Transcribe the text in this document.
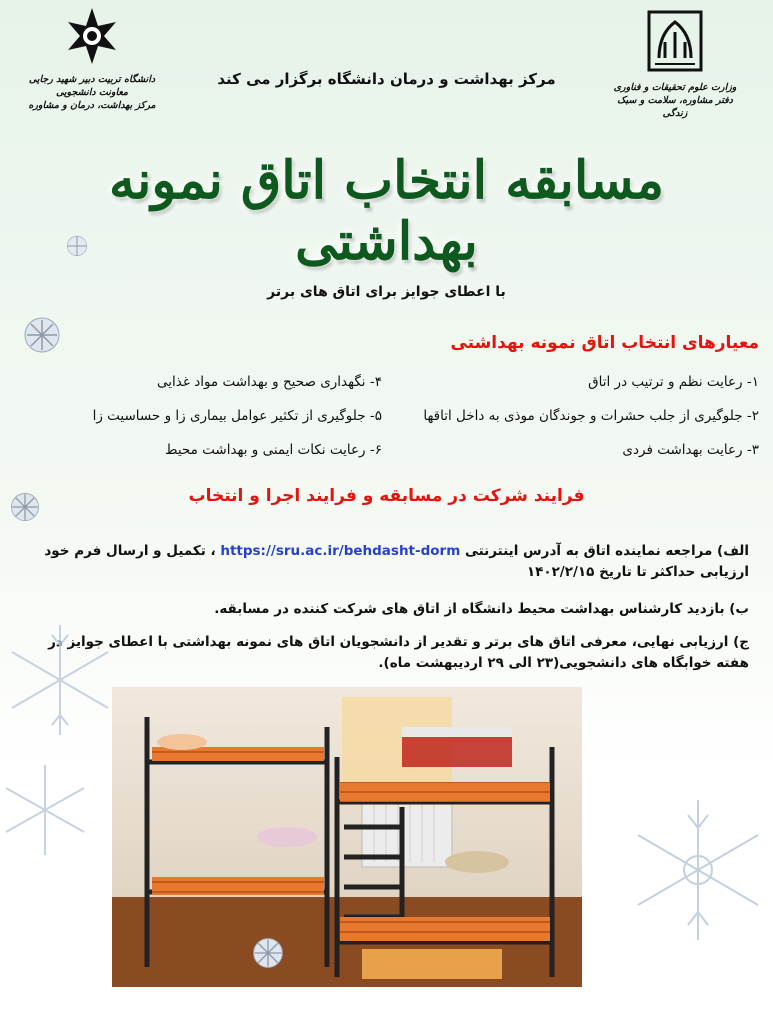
وزارت علوم تحقیقات و فناوری
دفتر مشاوره، سلامت و سبک زندگی
دانشگاه تربیت دبیر شهید رجایی
معاونت دانشجویی
مرکز بهداشت، درمان و مشاوره
مرکز بهداشت و درمان دانشگاه برگزار می کند
مسابقه انتخاب اتاق نمونه بهداشتی
با اعطای جوایز برای اتاق های برتر
معیارهای انتخاب اتاق نمونه بهداشتی
۱- رعایت نظم و ترتیب در اتاق
۲- جلوگیری از جلب حشرات و جوندگان موذی به داخل اتاقها
۳- رعایت بهداشت فردی
۴- نگهداری صحیح و بهداشت مواد غذایی
۵- جلوگیری از تکثیر عوامل بیماری زا و حساسیت زا
۶- رعایت نکات ایمنی و بهداشت محیط
فرایند شرکت در مسابقه و فرایند اجرا و انتخاب
الف) مراجعه نماینده اتاق به آدرس اینترنتی https://sru.ac.ir/behdasht-dorm ، تکمیل و ارسال فرم خود ارزیابی حداکثر تا تاریخ ۱۴۰۲/۲/۱۵
ب) بازدید کارشناس بهداشت محیط دانشگاه از اتاق های شرکت کننده در مسابقه.
ج) ارزیابی نهایی، معرفی اتاق های برتر و تقدیر از دانشجویان اتاق های نمونه بهداشتی با اعطای جوایز در هفته خوابگاه های دانشجویی(۲۳ الی ۲۹ اردیبهشت ماه).
